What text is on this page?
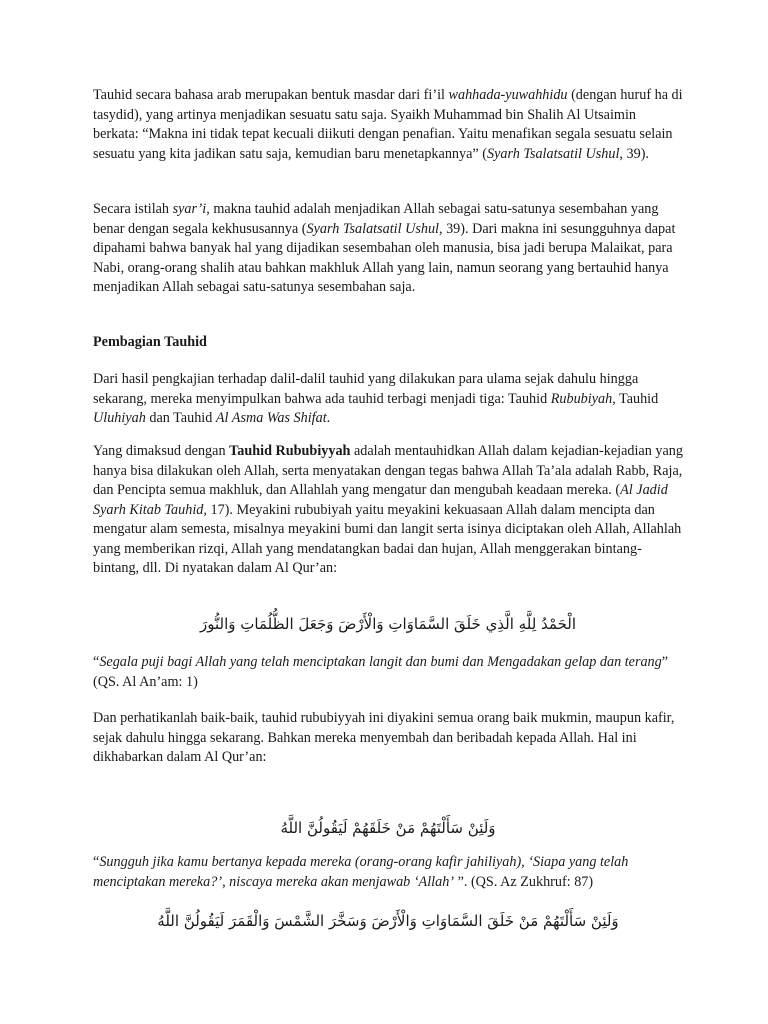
Tauhid secara bahasa arab merupakan bentuk masdar dari fi’il wahhada-yuwahhidu (dengan huruf ha di tasydid), yang artinya menjadikan sesuatu satu saja. Syaikh Muhammad bin Shalih Al Utsaimin berkata: “Makna ini tidak tepat kecuali diikuti dengan penafian. Yaitu menafikan segala sesuatu selain sesuatu yang kita jadikan satu saja, kemudian baru menetapkannya” (Syarh Tsalatsatil Ushul, 39).

Secara istilah syar’i, makna tauhid adalah menjadikan Allah sebagai satu-satunya sesembahan yang benar dengan segala kekhususannya (Syarh Tsalatsatil Ushul, 39). Dari makna ini sesungguhnya dapat dipahami bahwa banyak hal yang dijadikan sesembahan oleh manusia, bisa jadi berupa Malaikat, para Nabi, orang-orang shalih atau bahkan makhluk Allah yang lain, namun seorang yang bertauhid hanya menjadikan Allah sebagai satu-satunya sesembahan saja.

Pembagian Tauhid

Dari hasil pengkajian terhadap dalil-dalil tauhid yang dilakukan para ulama sejak dahulu hingga sekarang, mereka menyimpulkan bahwa ada tauhid terbagi menjadi tiga: Tauhid Rububiyah, Tauhid Uluhiyah dan Tauhid Al Asma Was Shifat.

Yang dimaksud dengan Tauhid Rububiyyah adalah mentauhidkan Allah dalam kejadian-kejadian yang hanya bisa dilakukan oleh Allah, serta menyatakan dengan tegas bahwa Allah Ta’ala adalah Rabb, Raja, dan Pencipta semua makhluk, dan Allahlah yang mengatur dan mengubah keadaan mereka. (Al Jadid Syarh Kitab Tauhid, 17). Meyakini rububiyah yaitu meyakini kekuasaan Allah dalam mencipta dan mengatur alam semesta, misalnya meyakini bumi dan langit serta isinya diciptakan oleh Allah, Allahlah yang memberikan rizqi, Allah yang mendatangkan badai dan hujan, Allah menggerakan bintang-bintang, dll. Di nyatakan dalam Al Qur’an:

الْحَمْدُ لِلَّهِ الَّذِي خَلَقَ السَّمَاوَاتِ وَالْأَرْضَ وَجَعَلَ الظُّلُمَاتِ وَالنُّورَ

“Segala puji bagi Allah yang telah menciptakan langit dan bumi dan Mengadakan gelap dan terang” (QS. Al An’am: 1)

Dan perhatikanlah baik-baik, tauhid rububiyyah ini diyakini semua orang baik mukmin, maupun kafir, sejak dahulu hingga sekarang. Bahkan mereka menyembah dan beribadah kepada Allah. Hal ini dikhabarkan dalam Al Qur’an:

وَلَئِنْ سَأَلْتَهُمْ مَنْ خَلَقَهُمْ لَيَقُولُنَّ اللَّهُ

“Sungguh jika kamu bertanya kepada mereka (orang-orang kafir jahiliyah), ‘Siapa yang telah menciptakan mereka?’, niscaya mereka akan menjawab ‘Allah’ ”. (QS. Az Zukhruf: 87)

وَلَئِنْ سَأَلْتَهُمْ مَنْ خَلَقَ السَّمَاوَاتِ وَالْأَرْضَ وَسَخَّرَ الشَّمْسَ وَالْقَمَرَ لَيَقُولُنَّ اللَّهُ
